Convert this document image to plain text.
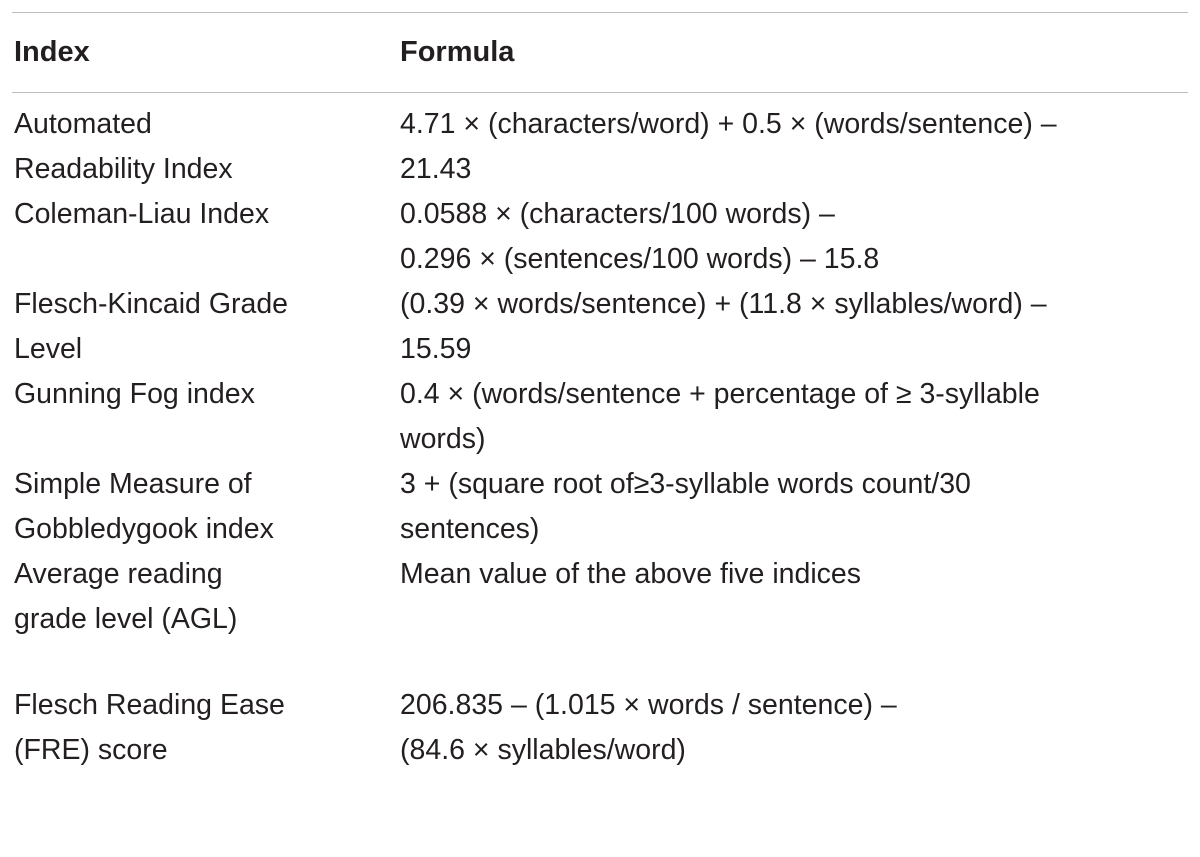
Index	Formula
Automated
Readability Index	4.71 × (characters/word) + 0.5 × (words/sentence) –
21.43

Coleman-Liau Index	0.0588 × (characters/100 words) –
0.296 × (sentences/100 words) – 15.8

Flesch-Kincaid Grade
Level	(0.39 × words/sentence) + (11.8 × syllables/word) –
15.59

Gunning Fog index	0.4 × (words/sentence + percentage of ≥ 3-syllable
words)

Simple Measure of
Gobbledygook index	3 + (square root of≥3-syllable words count/30
sentences)

Average reading
grade level (AGL)	Mean value of the above five indices

Flesch Reading Ease
(FRE) score	206.835 – (1.015 × words / sentence) –
(84.6 × syllables/word)
